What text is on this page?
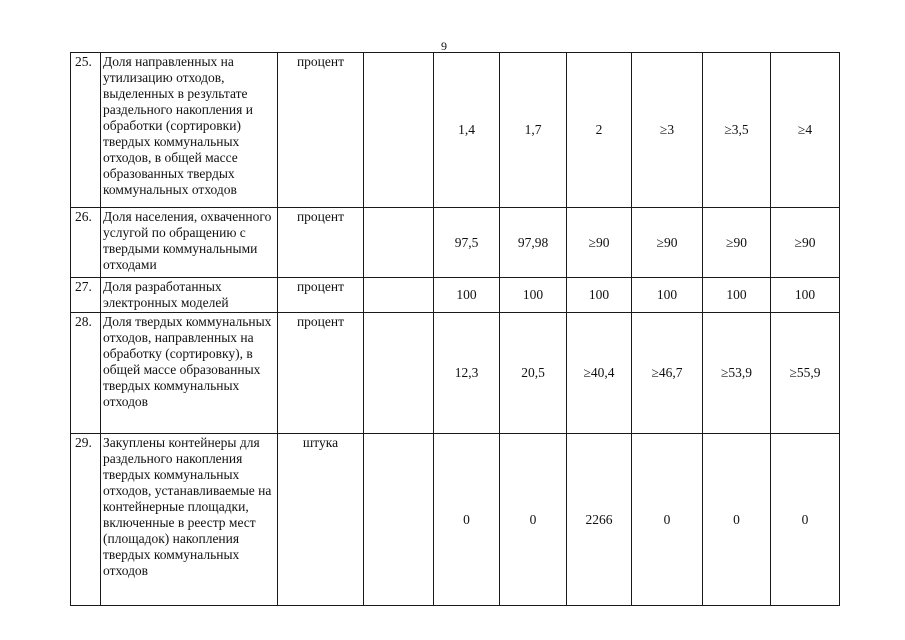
9
25.	Доля направленных на утилизацию отходов, выделенных в результате раздельного накопления и обработки (сортировки) твердых коммунальных отходов, в общей массе образованных твердых коммунальных отходов	процент		1,4	1,7	2	≥3	≥3,5	≥4
26.	Доля населения, охваченного услугой по обращению с твердыми коммунальными отходами	процент		97,5	97,98	≥90	≥90	≥90	≥90
27.	Доля разработанных электронных моделей	процент		100	100	100	100	100	100
28.	Доля твердых коммунальных отходов, направленных на обработку (сортировку), в общей массе образованных твердых коммунальных отходов	процент		12,3	20,5	≥40,4	≥46,7	≥53,9	≥55,9
29.	Закуплены контейнеры для раздельного накопления твердых коммунальных отходов, устанавливаемые на контейнерные площадки, включенные в реестр мест (площадок) накопления твердых коммунальных отходов	штука		0	0	2266	0	0	0
